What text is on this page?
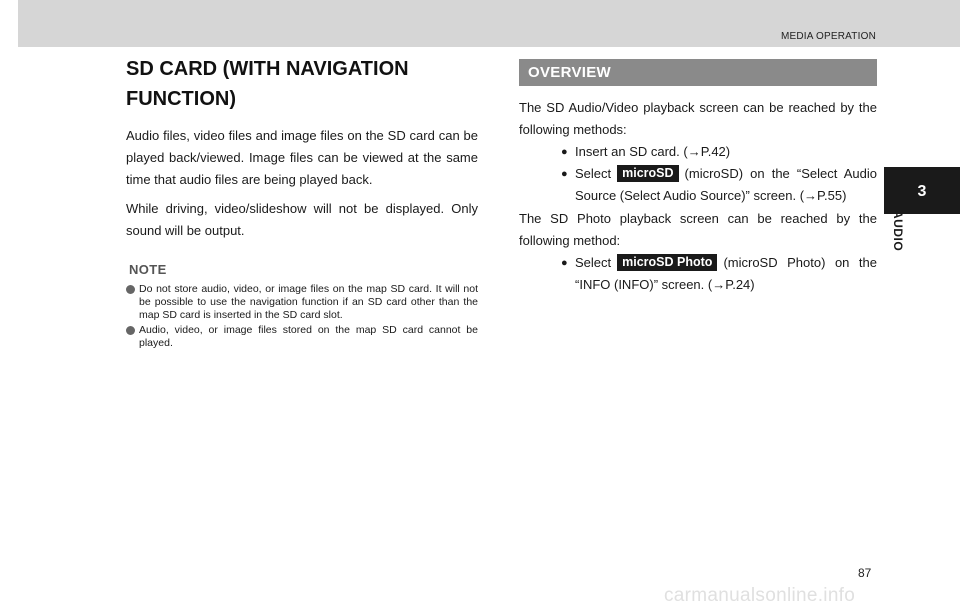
MEDIA OPERATION
3
AUDIO
SD CARD (WITH NAVIGATION FUNCTION)

Audio files, video files and image files on the SD card can be played back/viewed. Image files can be viewed at the same time that audio files are being played back.

While driving, video/slideshow will not be displayed. Only sound will be output.

NOTE
Do not store audio, video, or image files on the map SD card. It will not be possible to use the navigation function if an SD card other than the map SD card is inserted in the SD card slot.
Audio, video, or image files stored on the map SD card cannot be played.
OVERVIEW

The SD Audio/Video playback screen can be reached by the following methods:

● Insert an SD card. (→P.42)

● Select microSD (microSD) on the “Select Audio Source (Select Audio Source)” screen. (→P.55)

The SD Photo playback screen can be reached by the following method:

● Select microSD Photo (microSD Photo) on the “INFO (INFO)” screen. (→P.24)

87
carmanualsonline.info
